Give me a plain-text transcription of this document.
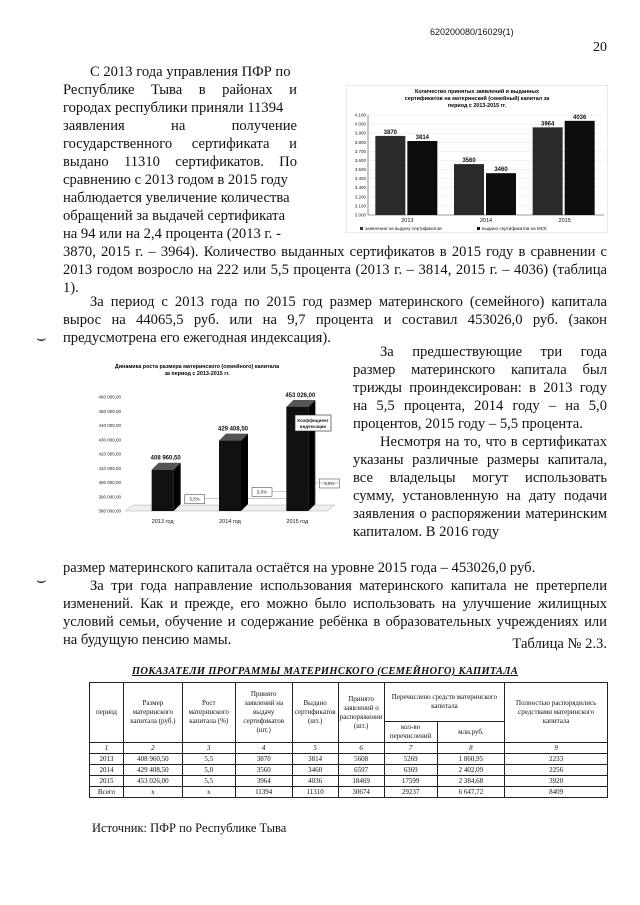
620200080/16029(1)
20
С 2013 года управления ПФР по
Республике Тыва в районах и
городах республики приняли 11394
заявления на получение
государственного сертификата и
выдано 11310 сертификатов. По
сравнению с 2013 годом в 2015 году
наблюдается увеличение количества
обращений за выдачей сертификата
на 94 или на 2,4 процента (2013 г. -
Количество принятых заявлений и выданных
сертификатов на материнский (семейный) капитал за
период с 2013-2015 гг.
4.100
4.000
3.900
3.800
3.700
3.600
3.500
3.400
3.300
3.200
3.100
3.000
3870
3814
2013
3560
3460
2014
3964
4036
2015
заявления на выдачу сертификатов	выдано сертификатов на МСК
3870, 2015 г. – 3964). Количество выданных сертификатов в 2015 году в сравнении с 2013 годом возросло на 222 или 5,5 процента (2013 г. – 3814, 2015 г. – 4036) (таблица 1).
За период с 2013 года по 2015 год размер материнского (семейного) капитала вырос на 44065,5 руб. или на 9,7 процента и составил 453026,0 руб. (закон предусмотрена его ежегодная индексация).
⌣
Динамика роста размера материнского (семейного) капитала
за период с 2013-2015 гг.
460 000,00
450 000,00
440 000,00
430 000,00
420 000,00
410 000,00
400 000,00
390 000,00
380 000,00
408 960,50
2013 год
5,5%
429 408,50
2014 год
5,0%
453 026,00
2015 год
5,5%
Коэффициент
индексации
За предшествующие три года размер материнского капитала был трижды проиндексирован: в 2013 году на 5,5 процента, 2014 году – на 5,0 процентов, 2015 году – 5,5 процента.
Несмотря на то, что в сертификатах указаны различные размеры капитала, все владельцы могут использовать сумму, установленную на дату подачи заявления о распоряжении материнским капиталом. В 2016 году
размер материнского капитала остаётся на уровне 2015 года – 453026,0 руб.
⌣	За три года направление использования материнского капитала не претерпели изменений. Как и прежде, его можно было использовать на улучшение жилищных условий семьи, обучение и содержание ребёнка в образовательных учреждениях или на будущую пенсию мамы.	Таблица № 2.3.
ПОКАЗАТЕЛИ ПРОГРАММЫ МАТЕРИНСКОГО (СЕМЕЙНОГО) КАПИТАЛА
период	Размер материнского капитала (руб.)	Рост материнского капитала (%)	Принято заявлений на выдачу сертификатов (шт.)	Выдано сертификатов (шт.)	Принято заявлений о распоряжении (шт.)	Перечислено средств материнского капитала		Полностью распорядились средствами материнского капитала
						кол-во перечислений	млн.руб.	
1	2	3	4	5	6	7	8	9
2013	408 960,50	5,5	3870	3814	5608	5269	1 860,95	2233
2014	429 408,50	5,0	3560	3460	6597	6369	2 402,09	2256
2015	453 026,00	5,5	3964	4036	18469	17599	2 384,68	3920
Всего	х	х	11394	11310	30674	29237	6 647,72	8409
Источник: ПФР по Республике Тыва
